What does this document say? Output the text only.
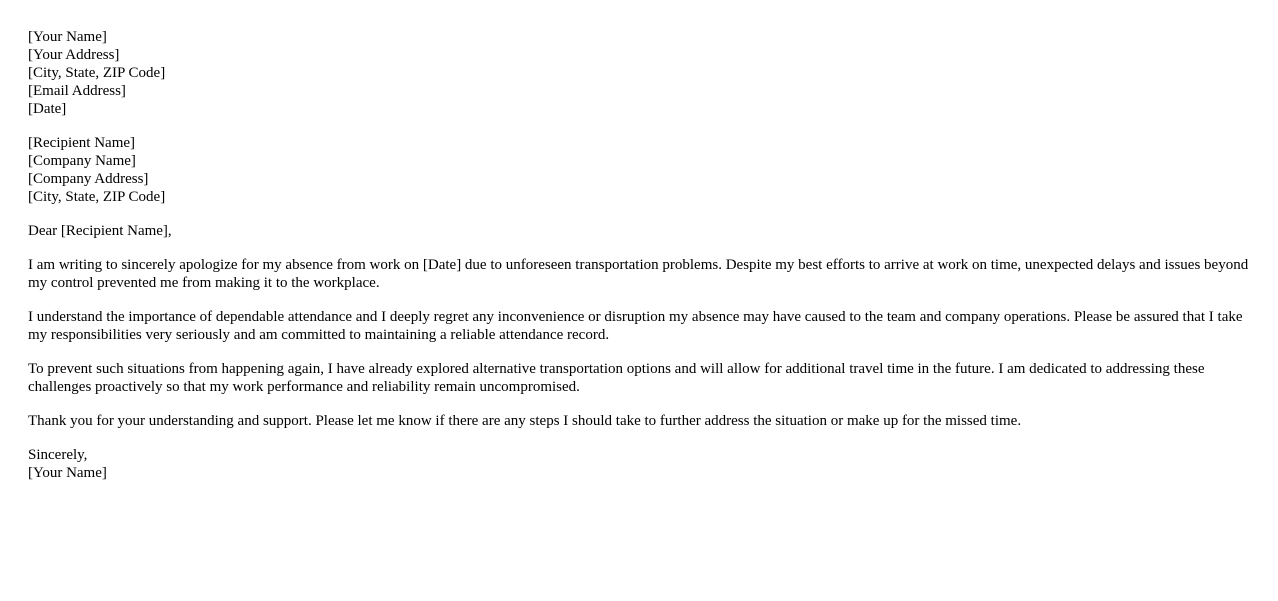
[Your Name]
[Your Address]
[City, State, ZIP Code]
[Email Address]
[Date]
[Recipient Name]
[Company Name]
[Company Address]
[City, State, ZIP Code]

Dear [Recipient Name],

I am writing to sincerely apologize for my absence from work on [Date] due to unforeseen transportation problems. Despite my best efforts to arrive at work on time, unexpected delays and issues beyond my control prevented me from making it to the workplace.

I understand the importance of dependable attendance and I deeply regret any inconvenience or disruption my absence may have caused to the team and company operations. Please be assured that I take my responsibilities very seriously and am committed to maintaining a reliable attendance record.

To prevent such situations from happening again, I have already explored alternative transportation options and will allow for additional travel time in the future. I am dedicated to addressing these challenges proactively so that my work performance and reliability remain uncompromised.

Thank you for your understanding and support. Please let me know if there are any steps I should take to further address the situation or make up for the missed time.

Sincerely,
[Your Name]
